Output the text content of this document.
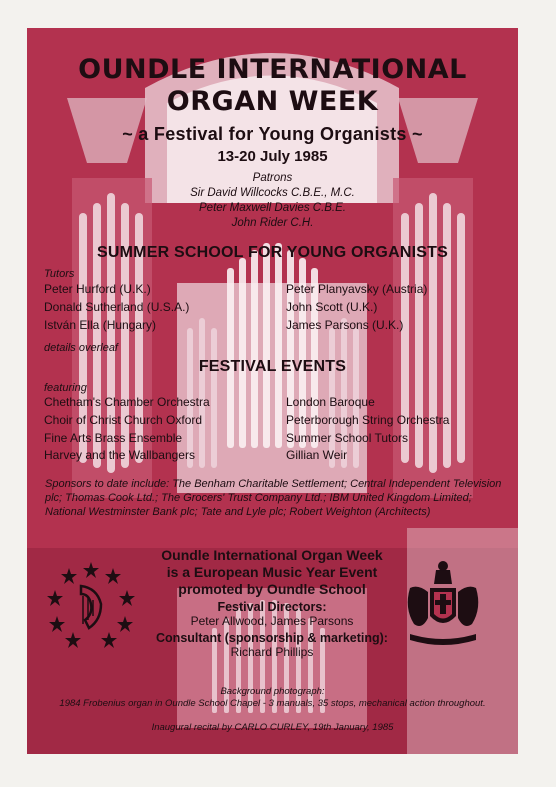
OUNDLE INTERNATIONAL
ORGAN WEEK
~ a Festival for Young Organists ~
13-20 July 1985
Patrons
Sir David Willcocks C.B.E., M.C.
Peter Maxwell Davies C.B.E.
John Rider C.H.
SUMMER SCHOOL FOR YOUNG ORGANISTS
Tutors
Peter Hurford (U.K.)
Donald Sutherland (U.S.A.)
István Ella (Hungary)
Peter Planyavsky (Austria)
John Scott (U.K.)
James Parsons (U.K.)
details overleaf
FESTIVAL EVENTS
featuring
Chetham's Chamber Orchestra
Choir of Christ Church Oxford
Fine Arts Brass Ensemble
Harvey and the Wallbangers
London Baroque
Peterborough String Orchestra
Summer School Tutors
Gillian Weir
Sponsors to date include: The Benham Charitable Settlement; Central Independent Television plc; Thomas Cook Ltd.; The Grocers' Trust Company Ltd.; IBM United Kingdom Limited; National Westminster Bank plc; Tate and Lyle plc; Robert Weighton (Architects)
Oundle International Organ Week
is a European Music Year Event
promoted by Oundle School
Festival Directors:
Peter Allwood, James Parsons
Consultant (sponsorship & marketing):
Richard Phillips
Background photograph:
1984 Frobenius organ in Oundle School Chapel - 3 manuals, 35 stops, mechanical action throughout.
Inaugural recital by CARLO CURLEY, 19th January, 1985
